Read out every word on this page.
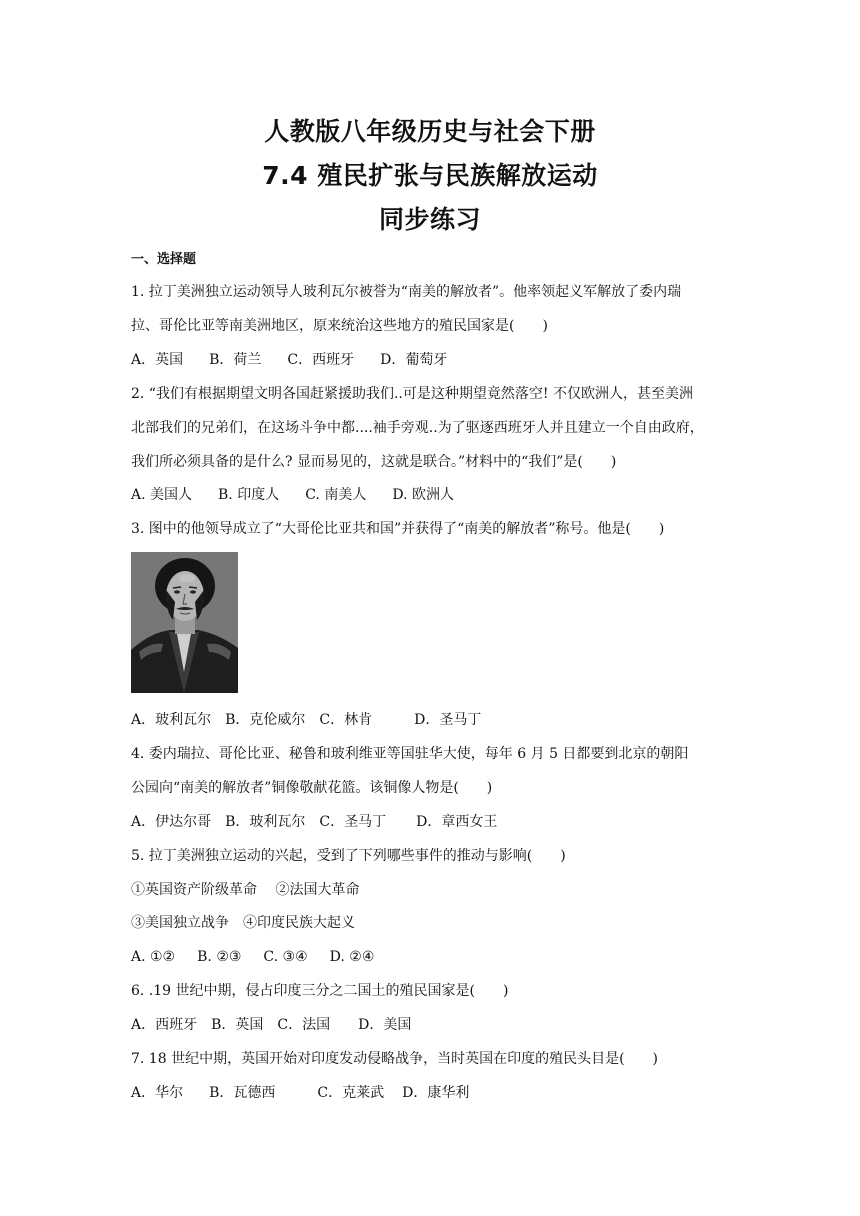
人教版八年级历史与社会下册
7.4 殖民扩张与民族解放运动
同步练习
一、选择题
1. 拉丁美洲独立运动领导人玻利瓦尔被誉为“南美的解放者”。他率领起义军解放了委内瑞
拉、哥伦比亚等南美洲地区，原来统治这些地方的殖民国家是(　　)
A．英国 B．荷兰 C．西班牙 D．葡萄牙
2. “我们有根据期望文明各国赶紧援助我们..可是这种期望竟然落空! 不仅欧洲人，甚至美洲
北部我们的兄弟们，在这场斗争中都....袖手旁观..为了驱逐西班牙人并且建立一个自由政府，
我们所必须具备的是什么? 显而易见的，这就是联合。”材料中的“我们”是(　　)
A. 美国人 B. 印度人 C. 南美人 D. 欧洲人
3. 图中的他领导成立了“大哥伦比亚共和国”并获得了“南美的解放者”称号。他是(　　)
A．玻利瓦尔 B．克伦威尔 C．林肯	D．圣马丁
4. 委内瑞拉、哥伦比亚、秘鲁和玻利维亚等国驻华大使，每年 6 月 5 日都要到北京的朝阳
公园向“南美的解放者”铜像敬献花篮。该铜像人物是(　　)
A．伊达尔哥 B．玻利瓦尔 C．圣马丁 D．章西女王
5. 拉丁美洲独立运动的兴起，受到了下列哪些事件的推动与影响(　　)
①英国资产阶级革命　 ②法国大革命
③美国独立战争　④印度民族大起义
A. ①② B. ②③ C. ③④ D. ②④
6. .19 世纪中期，侵占印度三分之二国土的殖民国家是(　　)
A．西班牙 B．英国 C．法国 D．美国
7. 18 世纪中期，英国开始对印度发动侵略战争，当时英国在印度的殖民头目是(　　)
A．华尔 B．瓦德西	C．克莱武 D．康华利
